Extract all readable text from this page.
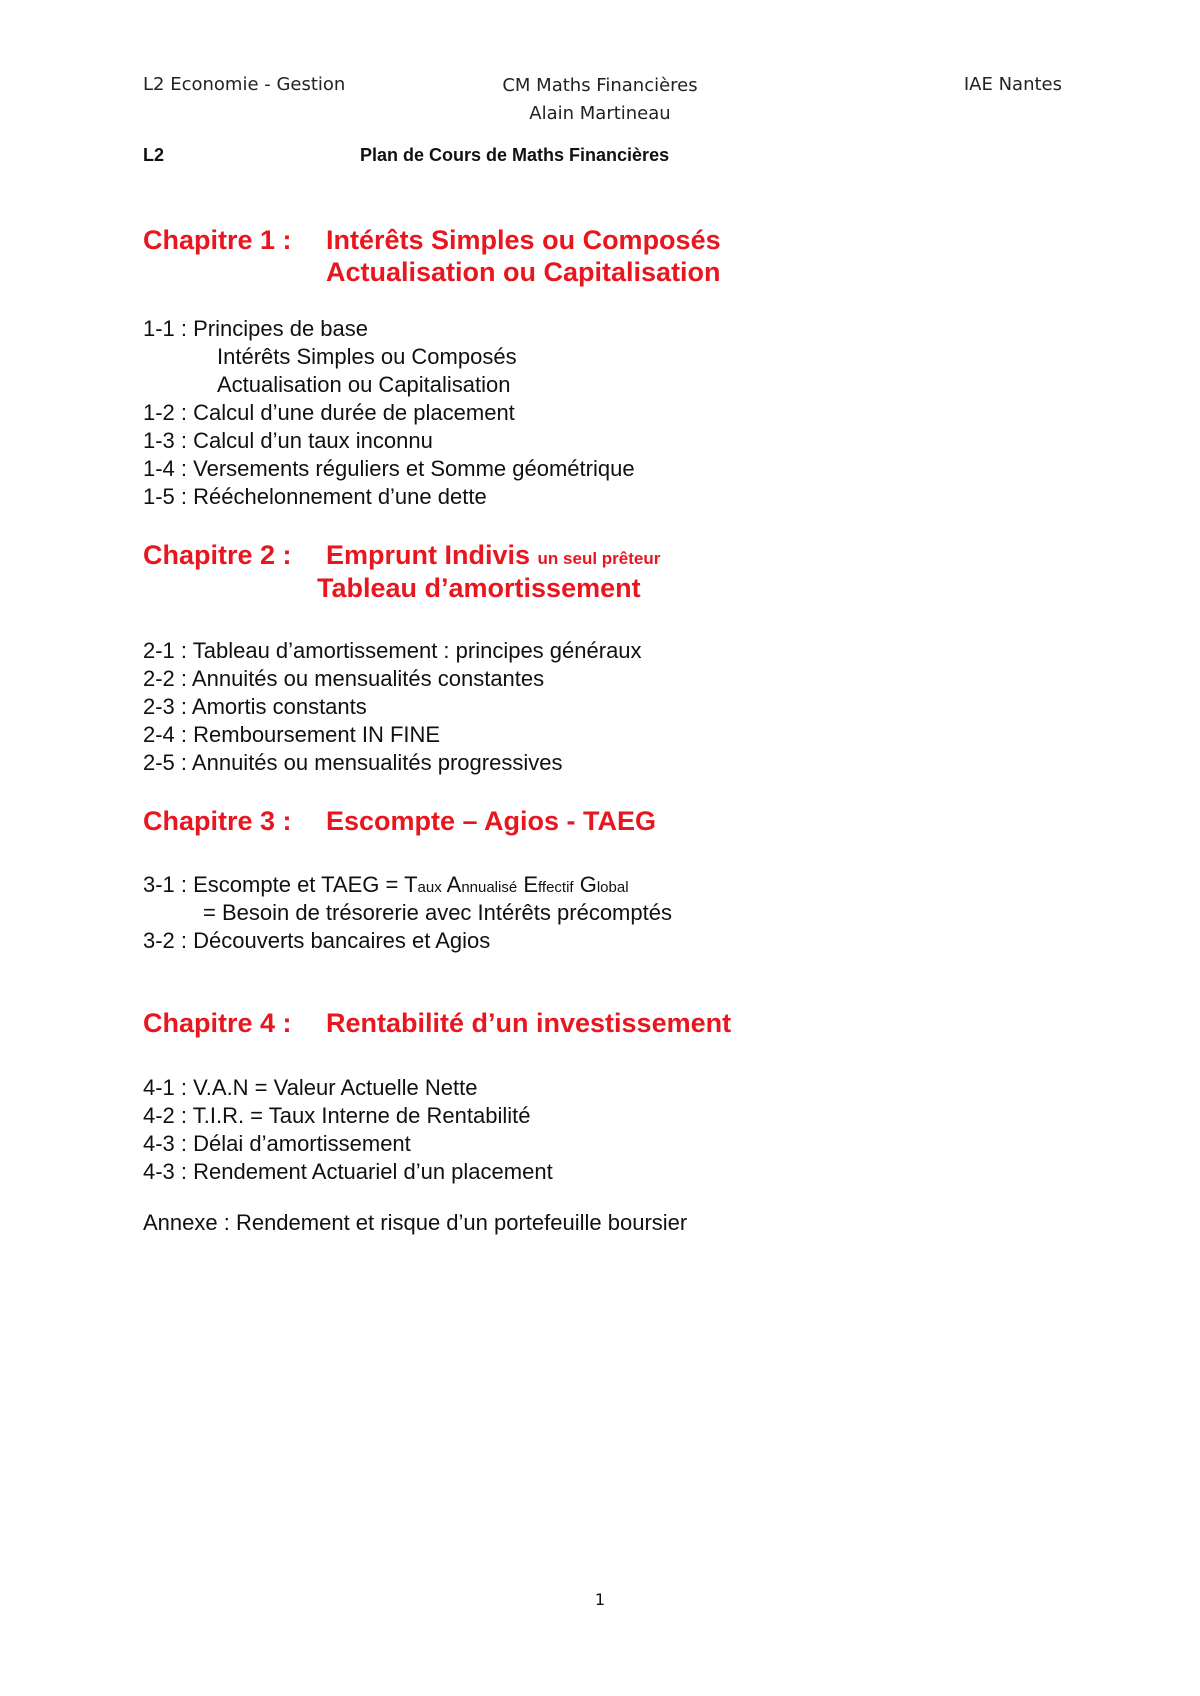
L2 Economie - Gestion	CM Maths Financières
Alain Martineau
IAE Nantes
L2	Plan de Cours de Maths Financières
Chapitre 1 : Intérêts Simples ou Composés
Actualisation ou Capitalisation
1-1 : Principes de base
Intérêts Simples ou Composés
Actualisation ou Capitalisation
1-2 : Calcul d’une durée de placement
1-3 : Calcul d’un taux inconnu
1-4 : Versements réguliers et Somme géométrique
1-5 : Rééchelonnement d’une dette
Chapitre 2 : Emprunt Indivis un seul prêteur
Tableau d’amortissement
2-1 : Tableau d’amortissement : principes généraux
2-2 : Annuités ou mensualités constantes
2-3 : Amortis constants
2-4 : Remboursement IN FINE
2-5 : Annuités ou mensualités progressives
Chapitre 3 : Escompte – Agios - TAEG
3-1 : Escompte et TAEG = Taux Annualisé Effectif Global
= Besoin de trésorerie avec Intérêts précomptés
3-2 : Découverts bancaires et Agios
Chapitre 4 : Rentabilité d’un investissement
4-1 : V.A.N = Valeur Actuelle Nette
4-2 : T.I.R. = Taux Interne de Rentabilité
4-3 : Délai d’amortissement
4-3 : Rendement Actuariel d’un placement
Annexe : Rendement et risque d’un portefeuille boursier
1
